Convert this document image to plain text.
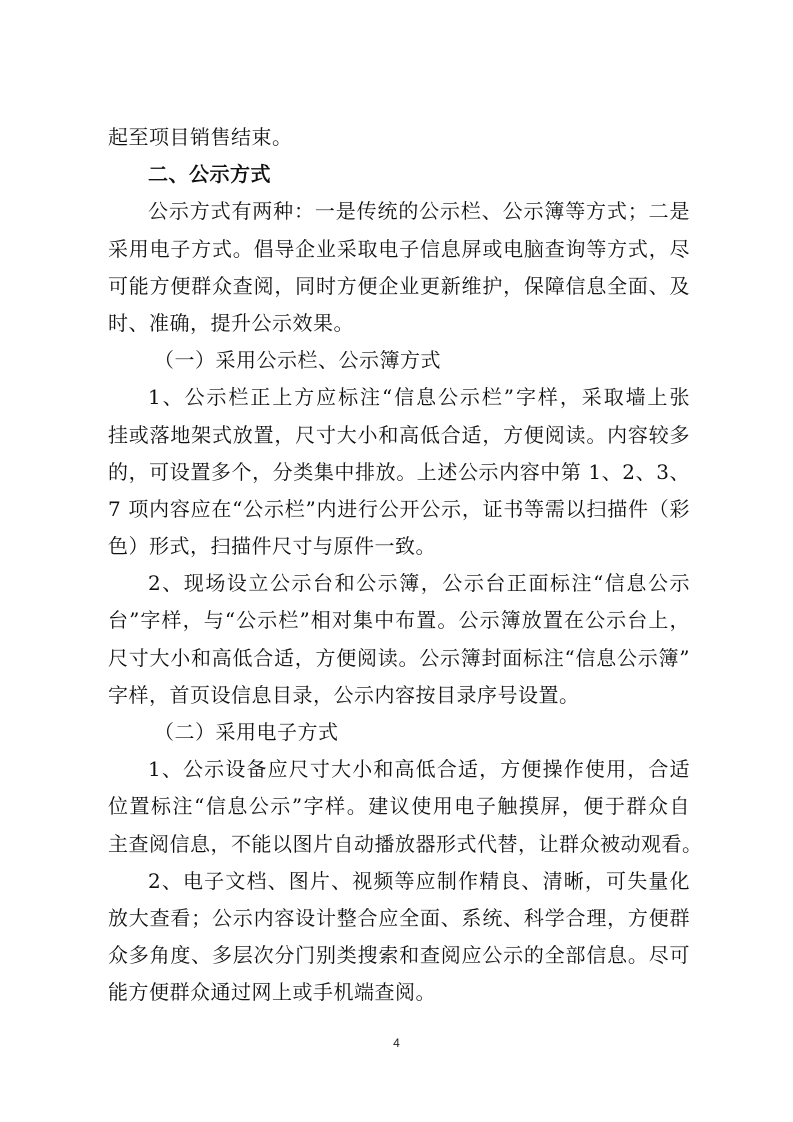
起至项目销售结束。
二、公示方式
公示方式有两种：一是传统的公示栏、公示簿等方式；二是
采用电子方式。倡导企业采取电子信息屏或电脑查询等方式，尽
可能方便群众查阅，同时方便企业更新维护，保障信息全面、及
时、准确，提升公示效果。
（一）采用公示栏、公示簿方式
1、公示栏正上方应标注“信息公示栏”字样，采取墙上张
挂或落地架式放置，尺寸大小和高低合适，方便阅读。内容较多
的，可设置多个，分类集中排放。上述公示内容中第 1、2、3、
7 项内容应在“公示栏”内进行公开公示，证书等需以扫描件（彩
色）形式，扫描件尺寸与原件一致。
2、现场设立公示台和公示簿，公示台正面标注“信息公示
台”字样，与“公示栏”相对集中布置。公示簿放置在公示台上，
尺寸大小和高低合适，方便阅读。公示簿封面标注“信息公示簿”
字样，首页设信息目录，公示内容按目录序号设置。
（二）采用电子方式
1、公示设备应尺寸大小和高低合适，方便操作使用，合适
位置标注“信息公示”字样。建议使用电子触摸屏，便于群众自
主查阅信息，不能以图片自动播放器形式代替，让群众被动观看。
2、电子文档、图片、视频等应制作精良、清晰，可失量化
放大查看；公示内容设计整合应全面、系统、科学合理，方便群
众多角度、多层次分门别类搜索和查阅应公示的全部信息。尽可
能方便群众通过网上或手机端查阅。
4
